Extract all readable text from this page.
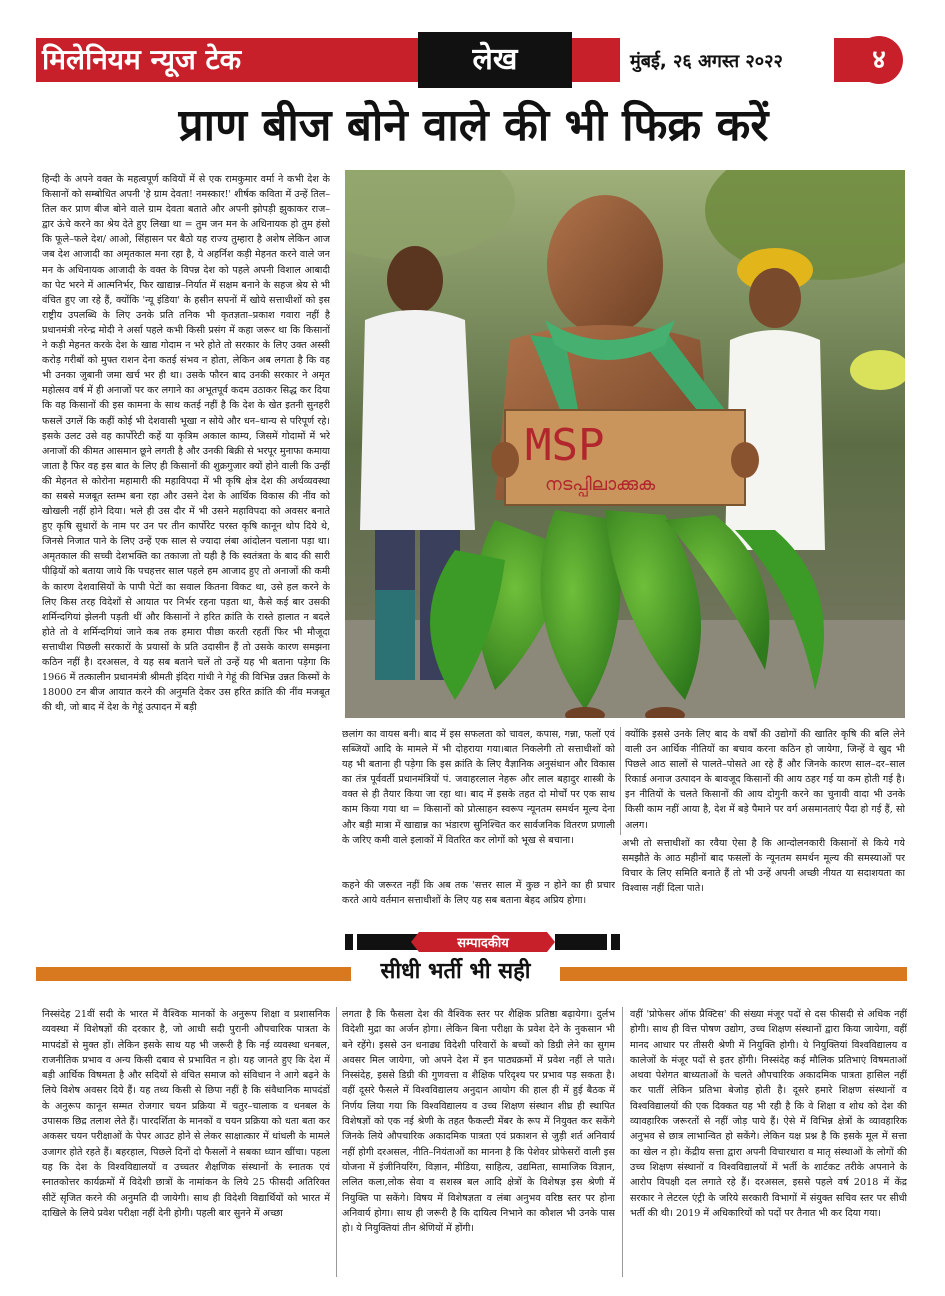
मिलेनियम न्यूज टेक	लेख	मुंबई, २६ अगस्त २०२२	४
प्राण बीज बोने वाले की भी फिक्र करें
हिन्दी के अपने वक्त के महत्वपूर्ण कवियों में से एक रामकुमार वर्मा ने कभी देश के किसानों को सम्बोधित अपनी 'हे ग्राम देवता! नमस्कार!' शीर्षक कविता में उन्हें तिल–तिल कर प्राण बीज बोने वाले ग्राम देवता बताते और अपनी झोपड़ी झुकाकर राज–द्वार ऊंचे करने का श्रेय देते हुए लिखा था = तुम जन मन के अधिनायक हो तुम हंसो कि फूले–फले देश/ आओ, सिंहासन पर बैठो यह राज्य तुम्हारा है अशेष लेकिन आज जब देश आजादी का अमृतकाल मना रहा है, ये अहर्निश कड़ी मेहनत करने वाले जन मन के अधिनायक आजादी के वक्त के विपन्न देश को पहले अपनी विशाल आबादी का पेट भरने में आत्मनिर्भर, फिर खाद्यान्न–निर्यात में सक्षम बनाने के सहज श्रेय से भी वंचित हुए जा रहे हैं, क्योंकि 'न्यू इंडिया' के हसीन सपनों में खोये सत्ताधीशों को इस राष्ट्रीय उपलब्धि के लिए उनके प्रति तनिक भी कृतज्ञता–प्रकाश गवारा नहीं है प्रधानमंत्री नरेन्द्र मोदी ने अर्सा पहले कभी किसी प्रसंग में कहा जरूर था कि किसानों ने कड़ी मेहनत करके देश के खाद्य गोदाम न भरे होते तो सरकार के लिए उक्त अस्सी करोड़ गरीबों को मुफ्त राशन देना कतई संभव न होता, लेकिन अब लगता है कि वह भी उनका जुबानी जमा खर्च भर ही था। उसके फौरन बाद उनकी सरकार ने अमृत महोत्सव वर्ष में ही अनाजों पर कर लगाने का अभूतपूर्व कदम उठाकर सिद्ध कर दिया कि वह किसानों की इस कामना के साथ कतई नहीं है कि देश के खेत इतनी सुनहरी फसलें उगलें कि कहीं कोई भी देशवासी भूखा न सोये और धन–धान्य से परिपूर्ण रहे। इसके उलट उसे वह कार्पोरेटी कहें या कृत्रिम अकाल काम्य, जिसमें गोदामों में भरे अनाजों की कीमत आसमान छूने लगती है और उनकी बिक्री से भरपूर मुनाफा कमाया जाता है फिर वह इस बात के लिए ही किसानों की शुक्रगुजार क्यों होने वाली कि उन्हीं की मेहनत से कोरोना महामारी की महाविपदा में भी कृषि क्षेत्र देश की अर्थव्यवस्था का सबसे मजबूत स्तम्भ बना रहा और उसने देश के आर्थिक विकास की नींव को खोखली नहीं होने दिया। भले ही उस दौर में भी उसने महाविपदा को अवसर बनाते हुए कृषि सुधारों के नाम पर उन पर तीन कार्पोरेट परस्त कृषि कानून थोप दिये थे, जिनसे निजात पाने के लिए उन्हें एक साल से ज्यादा लंबा आंदोलन चलाना पड़ा था।अमृतकाल की सच्ची देशभक्ति का तकाजा तो यही है कि स्वतंत्रता के बाद की सारी पीढ़ियों को बताया जाये कि पचहत्तर साल पहले हम आजाद हुए तो अनाजों की कमी के कारण देशवासियों के पापी पेटों का सवाल कितना विकट था, उसे हल करने के लिए किस तरह विदेशों से आयात पर निर्भर रहना पड़ता था, कैसे कई बार उसकी शर्मिन्दगियां झेलनी पड़ती थीं और किसानों ने हरित क्रांति के रास्ते हालात न बदले होते तो वे शर्मिन्दगियां जाने कब तक हमारा पीछा करती रहतीं फिर भी मौजूदा सत्ताधीश पिछली सरकारों के प्रयासों के प्रति उदासीन हैं तो उसके कारण समझना कठिन नहीं है। दरअसल, वे यह सब बताने चलें तो उन्हें यह भी बताना पड़ेगा कि 1966 में तत्कालीन प्रधानमंत्री श्रीमती इंदिरा गांधी ने गेहूं की विभिन्न उन्नत किस्मों के 18000 टन बीज आयात करने की अनुमति देकर उस हरित क्रांति की नींव मजबूत की थी, जो बाद में देश के गेहूं उत्पादन में बड़ी
MSP
നടപ്പിലാക്കുക
छलांग का वायस बनी। बाद में इस सफलता को चावल, कपास, गन्ना, फलों एवं सब्जियों आदि के मामले में भी दोहराया गया।बात निकलेगी तो सत्ताधीशों को यह भी बताना ही पड़ेगा कि इस क्रांति के लिए वैज्ञानिक अनुसंधान और विकास का तंत्र पूर्ववर्ती प्रधानमंत्रियों पं. जवाहरलाल नेहरू और लाल बहादुर शास्त्री के वक्त से ही तैयार किया जा रहा था। बाद में इसके तहत दो मोर्चों पर एक साथ काम किया गया था = किसानों को प्रोत्साहन स्वरूप न्यूनतम समर्थन मूल्य देना और बड़ी मात्रा में खाद्यान्न का भंडारण सुनिश्चित कर सार्वजनिक वितरण प्रणाली के जरिए कमी वाले इलाकों में वितरित कर लोगों को भूख से बचाना।
कहने की जरूरत नहीं कि अब तक 'सत्तर साल में कुछ न होने का ही प्रचार करते आये वर्तमान सत्ताधीशों के लिए यह सब बताना बेहद अप्रिय होगा।
क्योंकि इससे उनके लिए बाद के वर्षों की उद्योगों की खातिर कृषि की बलि लेने वाली उन आर्थिक नीतियों का बचाव करना कठिन हो जायेगा, जिन्हें वे खुद भी पिछले आठ सालों से पालते–पोसते आ रहे हैं और जिनके कारण साल–दर–साल रिकार्ड अनाज उत्पादन के बावजूद किसानों की आय ठहर गई या कम होती गई है। इन नीतियों के चलते किसानों की आय दोगुनी करने का चुनावी वादा भी उनके किसी काम नहीं आया है, देश में बड़े पैमाने पर वर्ग असमानताएं पैदा हो गई हैं, सो अलग।
अभी तो सत्ताधीशों का रवैया ऐसा है कि आन्दोलनकारी किसानों से किये गये समझौते के आठ महीनों बाद फसलों के न्यूनतम समर्थन मूल्य की समस्याओं पर विचार के लिए समिति बनाते हैं तो भी उन्हें अपनी अच्छी नीयत या सदाशयता का विश्वास नहीं दिला पाते।
सम्पादकीय
सीधी भर्ती भी सही
निस्संदेह 21वीं सदी के भारत में वैश्विक मानकों के अनुरूप शिक्षा व प्रशासनिक व्यवस्था में विशेषज्ञों की दरकार है, जो आधी सदी पुरानी औपचारिक पात्रता के मापदंडों से मुक्त हों। लेकिन इसके साथ यह भी जरूरी है कि नई व्यवस्था धनबल, राजनीतिक प्रभाव व अन्य किसी दबाव से प्रभावित न हो। यह जानते हुए कि देश में बड़ी आर्थिक विषमता है और सदियों से वंचित समाज को संविधान ने आगे बढ़ने के लिये विशेष अवसर दिये हैं। यह तथ्य किसी से छिपा नहीं है कि संवैधानिक मापदंडों के अनुरूप कानून सम्मत रोजगार चयन प्रक्रिया में चतुर–चालाक व धनबल के उपासक छिद्र तलाश लेते हैं। पारदर्शिता के मानकों व चयन प्रक्रिया को धता बता कर अकसर चयन परीक्षाओं के पेपर आउट होने से लेकर साक्षात्कार में धांधली के मामले उजागर होते रहते हैं। बहरहाल, पिछले दिनों दो फैसलों ने सबका ध्यान खींचा। पहला यह कि देश के विश्वविद्यालयों व उच्चतर शैक्षणिक संस्थानों के स्नातक एवं स्नातकोत्तर कार्यक्रमों में विदेशी छात्रों के नामांकन के लिये 25 फीसदी अतिरिक्त सीटें सृजित करने की अनुमति दी जायेगी। साथ ही विदेशी विद्यार्थियों को भारत में दाखिले के लिये प्रवेश परीक्षा नहीं देनी होगी। पहली बार सुनने में अच्छा
लगता है कि फैसला देश की वैश्विक स्तर पर शैक्षिक प्रतिष्ठा बढ़ायेगा। दुर्लभ विदेशी मुद्रा का अर्जन होगा। लेकिन बिना परीक्षा के प्रवेश देने के नुकसान भी बने रहेंगे। इससे उन धनाढ्य विदेशी परिवारों के बच्चों को डिग्री लेने का सुगम अवसर मिल जायेगा, जो अपने देश में इन पाठ्यक्रमों में प्रवेश नहीं ले पाते। निस्संदेह, इससे डिग्री की गुणवत्ता व शैक्षिक परिदृश्य पर प्रभाव पड़ सकता है। वहीं दूसरे फैसले में विश्वविद्यालय अनुदान आयोग की हाल ही में हुई बैठक में निर्णय लिया गया कि विश्वविद्यालय व उच्च शिक्षण संस्थान शीघ्र ही स्थापित विशेषज्ञों को एक नई श्रेणी के तहत फैकल्टी मेंबर के रूप में नियुक्त कर सकेंगे जिनके लिये औपचारिक अकादमिक पात्रता एवं प्रकाशन से जुड़ी शर्त अनिवार्य नहीं होगी दरअसल, नीति–नियंताओं का मानना है कि पेशेवर प्रोफेसरों वाली इस योजना में इंजीनियरिंग, विज्ञान, मीडिया, साहित्य, उद्यमिता, सामाजिक विज्ञान, ललित कला,लोक सेवा व सशस्त्र बल आदि क्षेत्रों के विशेषज्ञ इस श्रेणी में नियुक्ति पा सकेंगे। विषय में विशेषज्ञता व लंबा अनुभव वरिष्ठ स्तर पर होना अनिवार्य होगा। साथ ही जरूरी है कि दायित्व निभाने का कौशल भी उनके पास हो। ये नियुक्तियां तीन श्रेणियों में होंगी।
वहीं 'प्रोफेसर ऑफ प्रैक्टिस' की संख्या मंजूर पदों से दस फीसदी से अधिक नहीं होगी। साथ ही वित्त पोषण उद्योग, उच्च शिक्षण संस्थानों द्वारा किया जायेगा, वहीं मानद आधार पर तीसरी श्रेणी में नियुक्ति होगी। ये नियुक्तियां विश्वविद्यालय व कालेजों के मंजूर पदों से इतर होंगी। निस्संदेह कई मौलिक प्रतिभाएं विषमताओं अथवा पेशेगत बाध्यताओं के चलते औपचारिक अकादमिक पात्रता हासिल नहीं कर पातीं लेकिन प्रतिभा बेजोड़ होती है। दूसरे हमारे शिक्षण संस्थानों व विश्वविद्यालयों की एक दिक्कत यह भी रही है कि वे शिक्षा व शोध को देश की व्यावहारिक जरूरतों से नहीं जोड़ पाये हैं। ऐसे में विभिन्न क्षेत्रों के व्यावहारिक अनुभव से छात्र लाभान्वित हो सकेंगे। लेकिन यक्ष प्रश्न है कि इसके मूल में सत्ता का खेल न हो। केंद्रीय सत्ता द्वारा अपनी विचारधारा व मातृ संस्थाओं के लोगों की उच्च शिक्षण संस्थानों व विश्वविद्यालयों में भर्ती के शार्टकट तरीके अपनाने के आरोप विपक्षी दल लगाते रहे हैं। दरअसल, इससे पहले वर्ष 2018 में केंद्र सरकार ने लेटरल एंट्री के जरिये सरकारी विभागों में संयुक्त सचिव स्तर पर सीधी भर्ती की थी। 2019 में अधिकारियों को पदों पर तैनात भी कर दिया गया।
